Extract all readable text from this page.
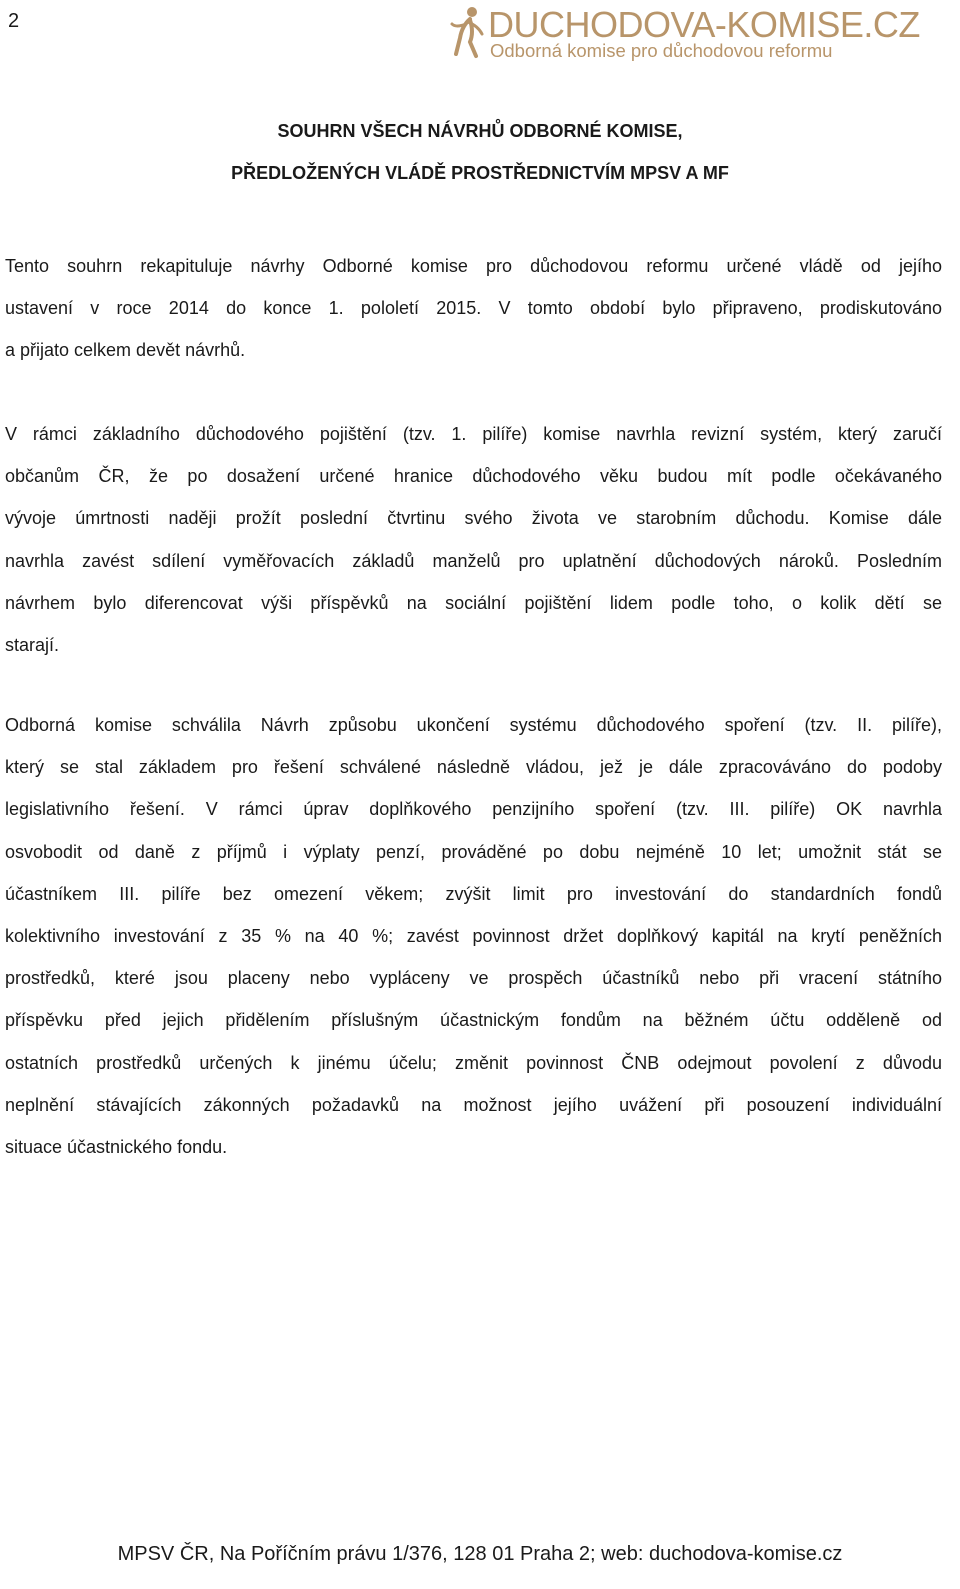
2	DUCHODOVA-KOMISE.CZ
Odborná komise pro důchodovou reformu
SOUHRN VŠECH NÁVRHŮ ODBORNÉ KOMISE,
PŘEDLOŽENÝCH VLÁDĚ PROSTŘEDNICTVÍM MPSV A MF
Tento souhrn rekapituluje návrhy Odborné komise pro důchodovou reformu určené vládě od jejího
ustavení v roce 2014 do konce 1. pololetí 2015. V tomto období bylo připraveno, prodiskutováno
a přijato celkem devět návrhů.
V rámci základního důchodového pojištění (tzv. 1. pilíře) komise navrhla revizní systém, který zaručí
občanům ČR, že po dosažení určené hranice důchodového věku budou mít podle očekávaného
vývoje úmrtnosti naději prožít poslední čtvrtinu svého života ve starobním důchodu. Komise dále
navrhla zavést sdílení vyměřovacích základů manželů pro uplatnění důchodových nároků. Posledním
návrhem bylo diferencovat výši příspěvků na sociální pojištění lidem podle toho, o kolik dětí se
starají.
Odborná komise schválila Návrh způsobu ukončení systému důchodového spoření (tzv. II. pilíře),
který se stal základem pro řešení schválené následně vládou, jež je dále zpracováváno do podoby
legislativního řešení. V rámci úprav doplňkového penzijního spoření (tzv. III. pilíře) OK navrhla
osvobodit od daně z příjmů i výplaty penzí, prováděné po dobu nejméně 10 let; umožnit stát se
účastníkem III. pilíře bez omezení věkem; zvýšit limit pro investování do standardních fondů
kolektivního investování z 35 % na 40 %; zavést povinnost držet doplňkový kapitál na krytí peněžních
prostředků, které jsou placeny nebo vypláceny ve prospěch účastníků nebo při vracení státního
příspěvku před jejich přidělením příslušným účastnickým fondům na běžném účtu odděleně od
ostatních prostředků určených k jinému účelu; změnit povinnost ČNB odejmout povolení z důvodu
neplnění stávajících zákonných požadavků na možnost jejího uvážení při posouzení individuální
situace účastnického fondu.
MPSV ČR, Na Poříčním právu 1/376, 128 01 Praha 2; web: duchodova-komise.cz
